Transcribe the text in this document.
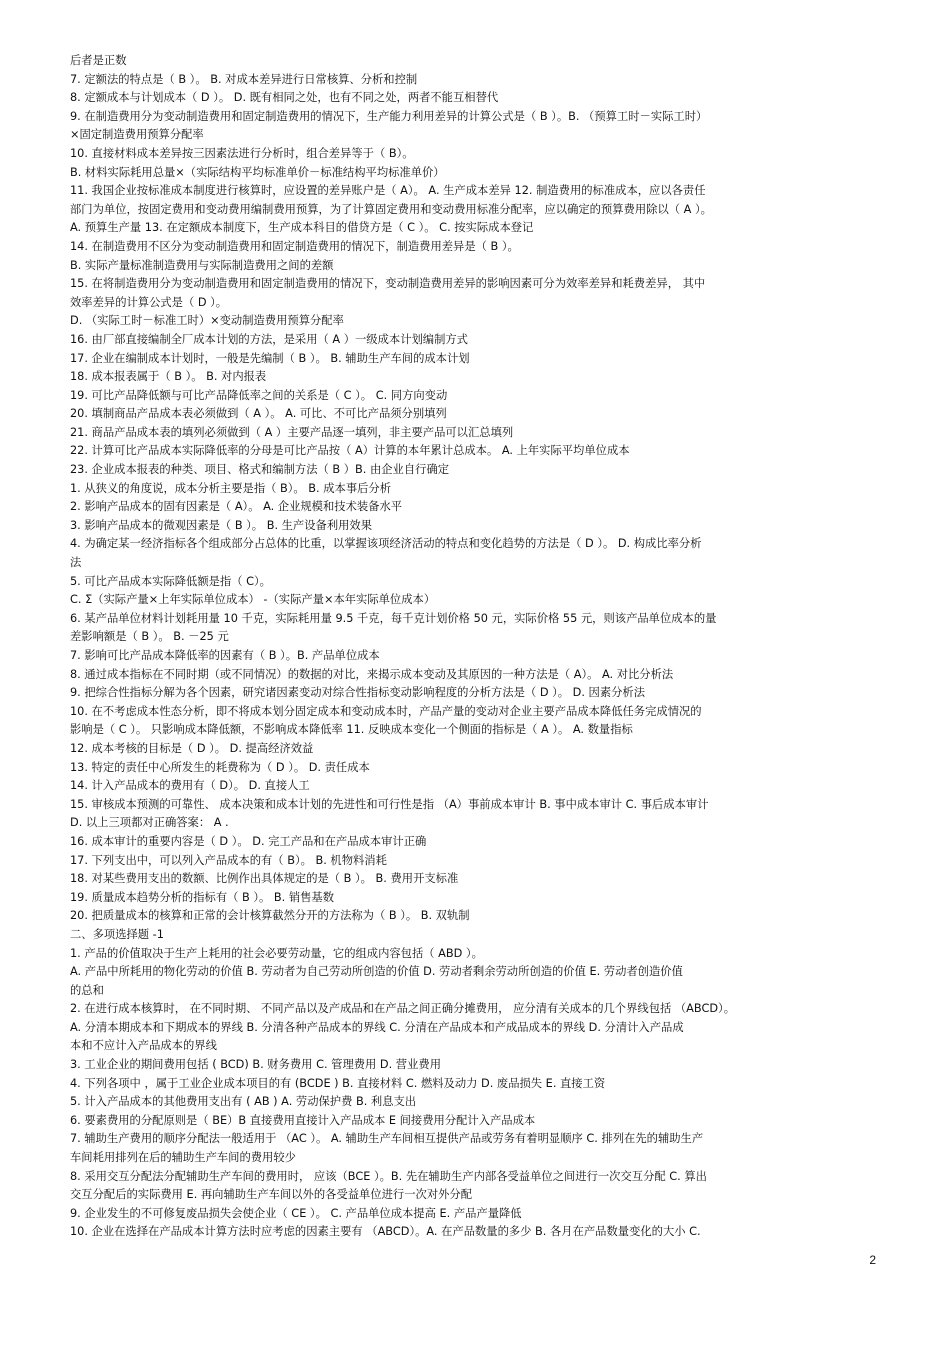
后者是正数
7. 定额法的特点是（ B ）。 B. 对成本差异进行日常核算、分析和控制
8. 定额成本与计划成本（ D ）。 D. 既有相同之处，也有不同之处，两者不能互相替代
9. 在制造费用分为变动制造费用和固定制造费用的情况下，生产能力利用差异的计算公式是（ B ）。B. （预算工时－实际工时）
×固定制造费用预算分配率
10. 直接材料成本差异按三因素法进行分析时，组合差异等于（ B）。
B. 材料实际耗用总量×（实际结构平均标准单价－标准结构平均标准单价）
11. 我国企业按标准成本制度进行核算时，应设置的差异账户是（ A）。 A. 生产成本差异 12. 制造费用的标准成本，应以各责任
部门为单位，按固定费用和变动费用编制费用预算，为了计算固定费用和变动费用标准分配率，应以确定的预算费用除以（ A ）。
A. 预算生产量 13. 在定额成本制度下，生产成本科目的借贷方是（ C ）。 C. 按实际成本登记
14. 在制造费用不区分为变动制造费用和固定制造费用的情况下，制造费用差异是（ B ）。
B. 实际产量标准制造费用与实际制造费用之间的差额
15. 在将制造费用分为变动制造费用和固定制造费用的情况下，变动制造费用差异的影响因素可分为效率差异和耗费差异， 其中
效率差异的计算公式是（ D ）。
D. （实际工时－标准工时）×变动制造费用预算分配率
16. 由厂部直接编制全厂成本计划的方法，是采用（ A ）一级成本计划编制方式
17. 企业在编制成本计划时，一般是先编制（ B ）。 B. 辅助生产车间的成本计划
18. 成本报表属于（ B ）。 B. 对内报表
19. 可比产品降低额与可比产品降低率之间的关系是（ C ）。 C. 同方向变动
20. 填制商品产品成本表必须做到（ A ）。 A. 可比、不可比产品须分别填列
21. 商品产品成本表的填列必须做到（ A ）主要产品逐一填列，非主要产品可以汇总填列
22. 计算可比产品成本实际降低率的分母是可比产品按（ A）计算的本年累计总成本。 A. 上年实际平均单位成本
23. 企业成本报表的种类、项目、格式和编制方法（ B ）B. 由企业自行确定
1. 从狭义的角度说，成本分析主要是指（ B）。 B. 成本事后分析
2. 影响产品成本的固有因素是（ A）。 A. 企业规模和技术装备水平
3. 影响产品成本的微观因素是（ B ）。 B. 生产设备利用效果
4. 为确定某一经济指标各个组成部分占总体的比重，以掌握该项经济活动的特点和变化趋势的方法是（ D ）。 D. 构成比率分析
法
5. 可比产品成本实际降低额是指（ C）。
C. Σ（实际产量×上年实际单位成本） -（实际产量×本年实际单位成本）
6. 某产品单位材料计划耗用量 10 千克，实际耗用量 9.5 千克，每千克计划价格 50 元，实际价格 55 元，则该产品单位成本的量
差影响额是（ B ）。 B. －25 元
7. 影响可比产品成本降低率的因素有（ B ）。B. 产品单位成本
8. 通过成本指标在不同时期（或不同情况）的数据的对比，来揭示成本变动及其原因的一种方法是（ A）。 A. 对比分析法
9. 把综合性指标分解为各个因素，研究诸因素变动对综合性指标变动影响程度的分析方法是（ D ）。 D. 因素分析法
10. 在不考虑成本性态分析，即不将成本划分固定成本和变动成本时，产品产量的变动对企业主要产品成本降低任务完成情况的
影响是（ C ）。 只影响成本降低额，不影响成本降低率 11. 反映成本变化一个侧面的指标是（ A ）。 A. 数量指标
12. 成本考核的目标是（ D ）。 D. 提高经济效益
13. 特定的责任中心所发生的耗费称为（ D ）。 D. 责任成本
14. 计入产品成本的费用有（ D）。 D. 直接人工
15. 审核成本预测的可靠性、 成本决策和成本计划的先进性和可行性是指 （A）事前成本审计 B. 事中成本审计 C. 事后成本审计
D. 以上三项都对正确答案： A .
16. 成本审计的重要内容是（ D ）。 D. 完工产品和在产品成本审计正确
17. 下列支出中，可以列入产品成本的有（ B）。 B. 机物料消耗
18. 对某些费用支出的数额、比例作出具体规定的是（ B ）。 B. 费用开支标准
19. 质量成本趋势分析的指标有（ B ）。 B. 销售基数
20. 把质量成本的核算和正常的会计核算截然分开的方法称为（ B ）。 B. 双轨制
二、多项选择题 -1
1. 产品的价值取决于生产上耗用的社会必要劳动量，它的组成内容包括（ ABD ）。
A. 产品中所耗用的物化劳动的价值 B. 劳动者为自己劳动所创造的价值 D. 劳动者剩余劳动所创造的价值 E. 劳动者创造价值
的总和
2. 在进行成本核算时， 在不同时期、 不同产品以及产成品和在产品之间正确分摊费用， 应分清有关成本的几个界线包括 （ABCD）。
A. 分清本期成本和下期成本的界线 B. 分清各种产品成本的界线 C. 分清在产品成本和产成品成本的界线 D. 分清计入产品成
本和不应计入产品成本的界线
3. 工业企业的期间费用包括 ( BCD) B. 财务费用 C. 管理费用 D. 营业费用
4. 下列各项中 ，属于工业企业成本项目的有 (BCDE ) B. 直接材料 C. 燃料及动力 D. 废品损失 E. 直接工资
5. 计入产品成本的其他费用支出有 ( AB ) A. 劳动保护费 B. 利息支出
6. 要素费用的分配原则是（ BE）B 直接费用直接计入产品成本 E 间接费用分配计入产品成本
7. 辅助生产费用的顺序分配法一般适用于 （AC ）。 A. 辅助生产车间相互提供产品或劳务有着明显顺序 C. 排列在先的辅助生产
车间耗用排列在后的辅助生产车间的费用较少
8. 采用交互分配法分配辅助生产车间的费用时， 应该（BCE ）。B. 先在辅助生产内部各受益单位之间进行一次交互分配 C. 算出
交互分配后的实际费用 E. 再向辅助生产车间以外的各受益单位进行一次对外分配
9. 企业发生的不可修复废品损失会使企业（ CE ）。 C. 产品单位成本提高 E. 产品产量降低
10. 企业在选择在产品成本计算方法时应考虑的因素主要有 （ABCD）。A. 在产品数量的多少 B. 各月在产品数量变化的大小 C.
2
